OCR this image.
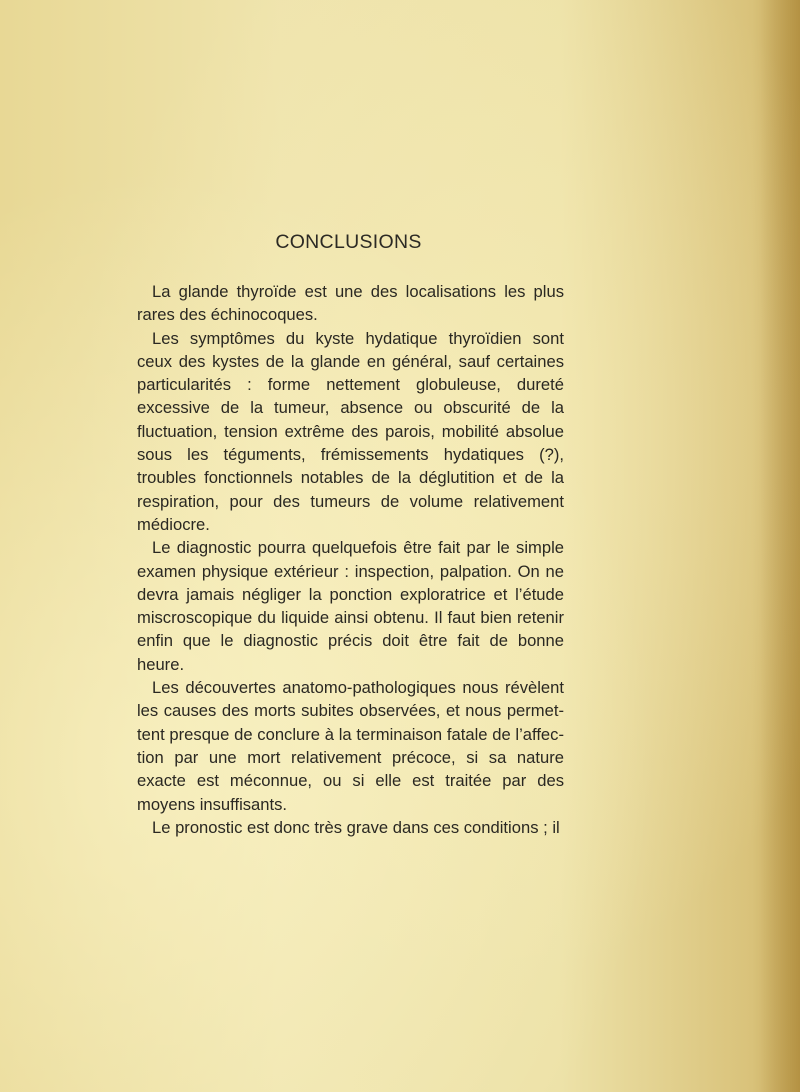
CONCLUSIONS

La glande thyroïde est une des localisations les plus rares des échinocoques.

Les symptômes du kyste hydatique thyroïdien sont ceux des kystes de la glande en général, sauf certaines particularités : forme nettement globuleuse, dureté excessive de la tumeur, absence ou obscurité de la fluctuation, tension extrême des parois, mobilité absolue sous les téguments, frémissements hydatiques (?), troubles fonctionnels notables de la déglutition et de la respiration, pour des tumeurs de volume relativement médiocre.

Le diagnostic pourra quelquefois être fait par le simple examen physique extérieur : inspection, palpation. On ne devra jamais négliger la ponction exploratrice et l’étude miscroscopique du liquide ainsi obtenu. Il faut bien retenir enfin que le diagnostic précis doit être fait de bonne heure.

Les découvertes anatomo-pathologiques nous révèlent les causes des morts subites observées, et nous permettent presque de conclure à la terminaison fatale de l’affection par une mort relativement précoce, si sa nature exacte est méconnue, ou si elle est traitée par des moyens insuffisants.

Le pronostic est donc très grave dans ces conditions ; il
